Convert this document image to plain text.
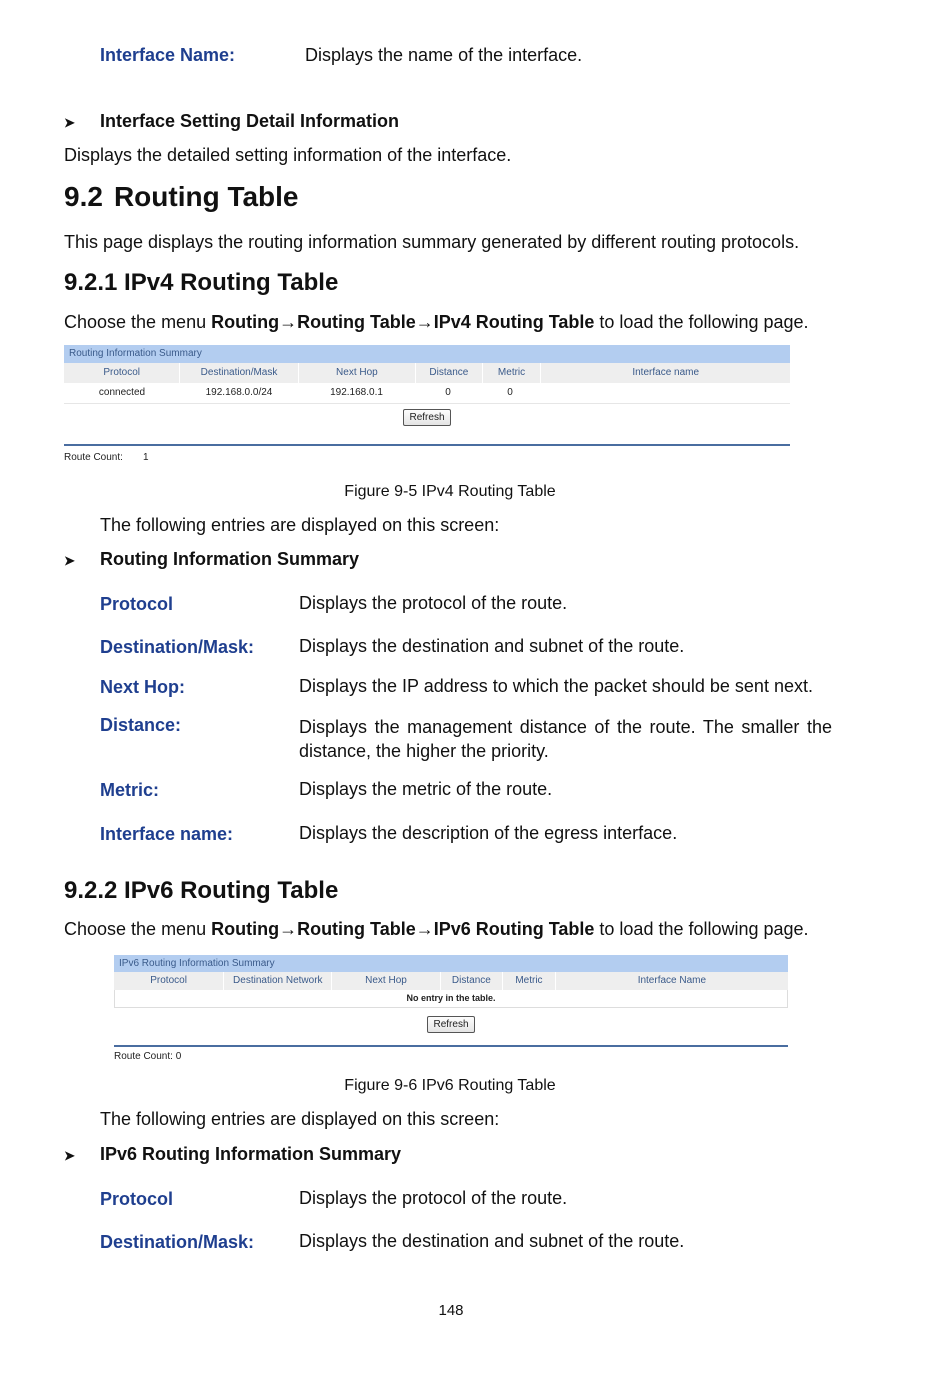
Interface Name:	Displays the name of the interface.
➤ Interface Setting Detail Information
Displays the detailed setting information of the interface.
9.2 Routing Table
This page displays the routing information summary generated by different routing protocols.
9.2.1 IPv4 Routing Table
Choose the menu Routing→Routing Table→IPv4 Routing Table to load the following page.
Routing Information Summary
Protocol	Destination/Mask	Next Hop	Distance	Metric	Interface name
connected	192.168.0.0/24	192.168.0.1	0	0
Refresh
Route Count: 1
Figure 9-5 IPv4 Routing Table
The following entries are displayed on this screen:
➤ Routing Information Summary
Protocol	Displays the protocol of the route.
Destination/Mask: Displays the destination and subnet of the route.
Next Hop:	Displays the IP address to which the packet should be sent next.
Distance:	Displays the management distance of the route. The smaller the distance, the higher the priority.
Metric:	Displays the metric of the route.
Interface name:	Displays the description of the egress interface.
9.2.2 IPv6 Routing Table
Choose the menu Routing→Routing Table→IPv6 Routing Table to load the following page.
IPv6 Routing Information Summary
Protocol	Destination Network	Next Hop	Distance	Metric	Interface Name
No entry in the table.
Refresh
Route Count: 0
Figure 9-6 IPv6 Routing Table
The following entries are displayed on this screen:
➤ IPv6 Routing Information Summary
Protocol	Displays the protocol of the route.
Destination/Mask: Displays the destination and subnet of the route.
148
